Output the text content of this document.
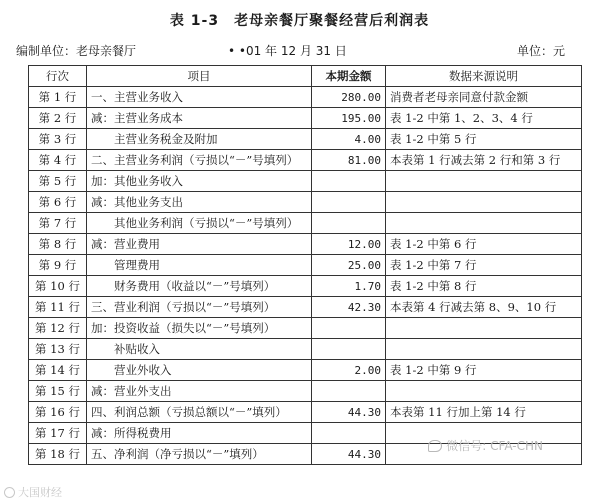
表 1-3　老母亲餐厅聚餐经营后利润表
编制单位：老母亲餐厅	• •01 年 12 月 31 日	单位：元
行次	项目	本期金额	数据来源说明
第 1 行	一、主营业务收入	280.00	消费者老母亲同意付款金额
第 2 行	减：主营业务成本	195.00	表 1-2 中第 1、2、3、4 行
第 3 行	　　主营业务税金及附加	4.00	表 1-2 中第 5 行
第 4 行	二、主营业务利润（亏损以“－”号填列）	81.00	本表第 1 行减去第 2 行和第 3 行
第 5 行	加：其他业务收入		
第 6 行	减：其他业务支出		
第 7 行	　　其他业务利润（亏损以“－”号填列）		
第 8 行	减：营业费用	12.00	表 1-2 中第 6 行
第 9 行	　　管理费用	25.00	表 1-2 中第 7 行
第 10 行	　　财务费用（收益以“－”号填列）	1.70	表 1-2 中第 8 行
第 11 行	三、营业利润（亏损以“－”号填列）	42.30	本表第 4 行减去第 8、9、10 行
第 12 行	加：投资收益（损失以“－”号填列）		
第 13 行	　　补贴收入		
第 14 行	　　营业外收入	2.00	表 1-2 中第 9 行
第 15 行	减：营业外支出		
第 16 行	四、利润总额（亏损总额以“－”填列）	44.30	本表第 11 行加上第 14 行
第 17 行	减：所得税费用		
第 18 行	五、净利润（净亏损以“－”填列）	44.30	
微信号: CFA-CHN
大国财经
